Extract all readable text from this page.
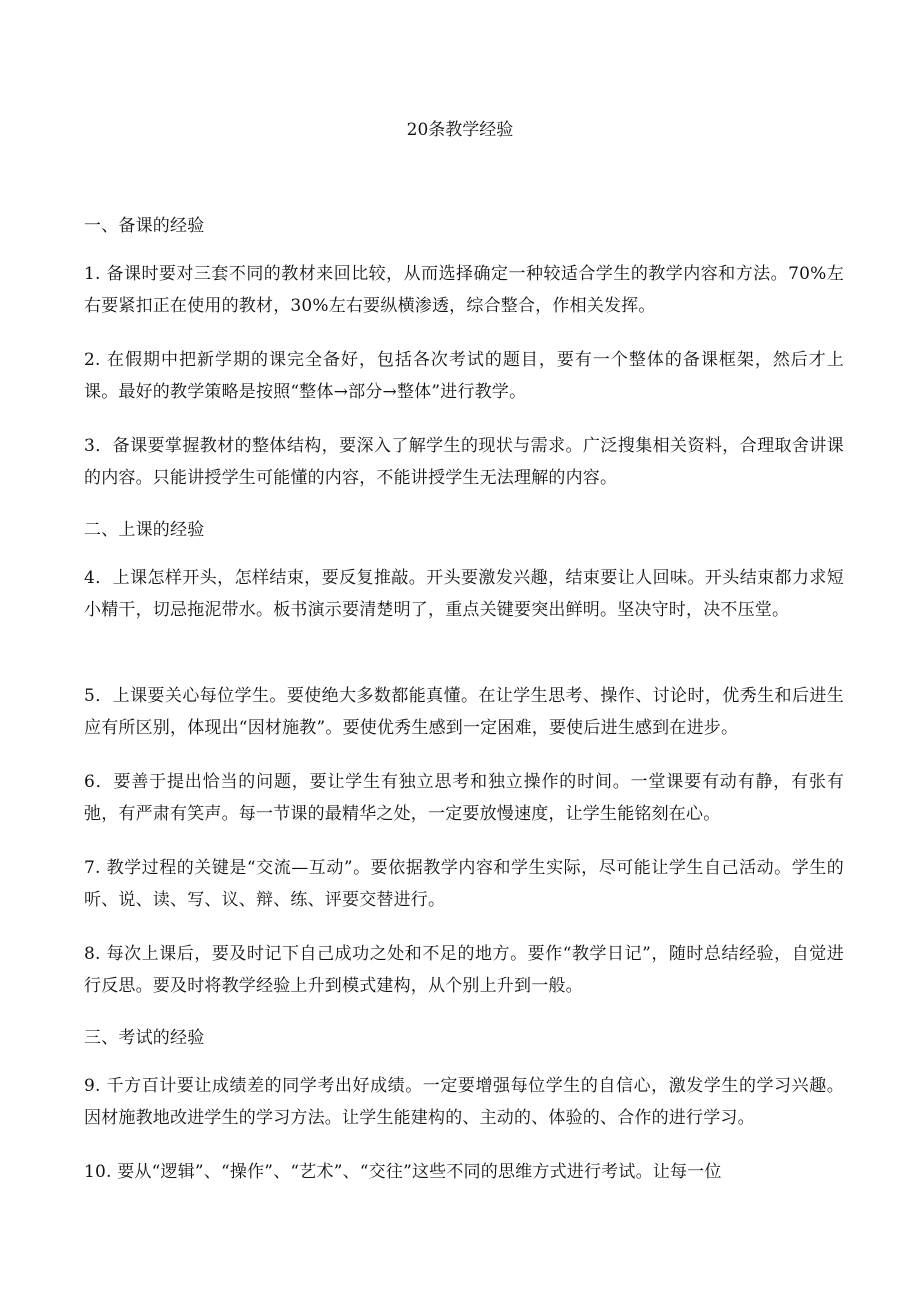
20条教学经验

一、备课的经验

1. 备课时要对三套不同的教材来回比较，从而选择确定一种较适合学生的教学内容和方法。70%左右要紧扣正在使用的教材，30%左右要纵横渗透，综合整合，作相关发挥。

2. 在假期中把新学期的课完全备好，包括各次考试的题目，要有一个整体的备课框架，然后才上课。最好的教学策略是按照“整体→部分→整体”进行教学。

3．备课要掌握教材的整体结构，要深入了解学生的现状与需求。广泛搜集相关资料，合理取舍讲课的内容。只能讲授学生可能懂的内容，不能讲授学生无法理解的内容。

二、上课的经验

4．上课怎样开头，怎样结束，要反复推敲。开头要激发兴趣，结束要让人回味。开头结束都力求短小精干，切忌拖泥带水。板书演示要清楚明了，重点关键要突出鲜明。坚决守时，决不压堂。

5．上课要关心每位学生。要使绝大多数都能真懂。在让学生思考、操作、讨论时，优秀生和后进生应有所区别，体现出“因材施教”。要使优秀生感到一定困难，要使后进生感到在进步。

6．要善于提出恰当的问题，要让学生有独立思考和独立操作的时间。一堂课要有动有静，有张有弛，有严肃有笑声。每一节课的最精华之处，一定要放慢速度，让学生能铭刻在心。

7. 教学过程的关键是“交流—互动”。要依据教学内容和学生实际，尽可能让学生自己活动。学生的听、说、读、写、议、辩、练、评要交替进行。

8. 每次上课后，要及时记下自己成功之处和不足的地方。要作“教学日记”，随时总结经验，自觉进行反思。要及时将教学经验上升到模式建构，从个别上升到一般。

三、考试的经验

9. 千方百计要让成绩差的同学考出好成绩。一定要增强每位学生的自信心，激发学生的学习兴趣。因材施教地改进学生的学习方法。让学生能建构的、主动的、体验的、合作的进行学习。

10. 要从“逻辑”、“操作”、“艺术”、“交往”这些不同的思维方式进行考试。让每一位
